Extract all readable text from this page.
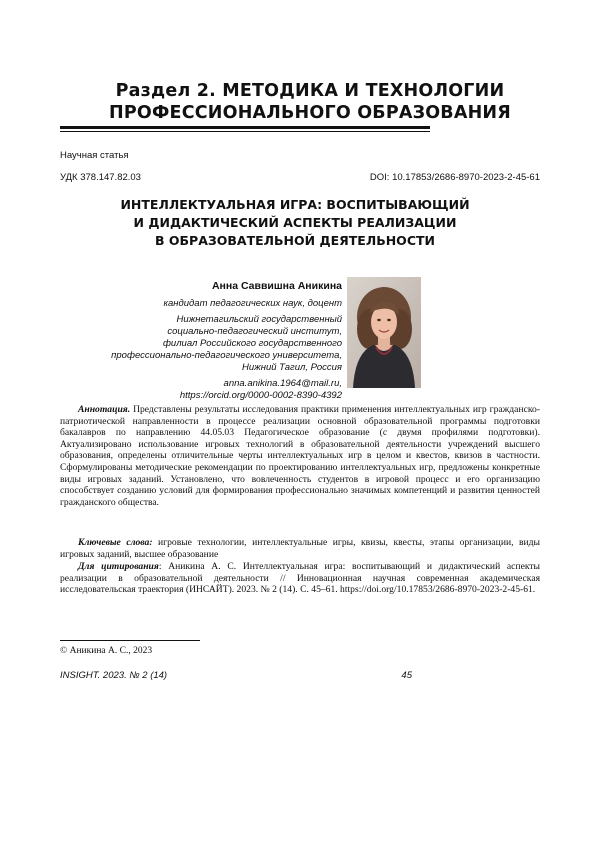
Раздел 2. МЕТОДИКА И ТЕХНОЛОГИИ
ПРОФЕССИОНАЛЬНОГО ОБРАЗОВАНИЯ
Научная статья
УДК 378.147.82.03	DOI: 10.17853/2686-8970-2023-2-45-61
ИНТЕЛЛЕКТУАЛЬНАЯ ИГРА: ВОСПИТЫВАЮЩИЙ
И ДИДАКТИЧЕСКИЙ АСПЕКТЫ РЕАЛИЗАЦИИ
В ОБРАЗОВАТЕЛЬНОЙ ДЕЯТЕЛЬНОСТИ
Анна Саввишна Аникина
кандидат педагогических наук, доцент
Нижнетагильский государственный
социально-педагогический институт,
филиал Российского государственного
профессионально-педагогического университета,
Нижний Тагил, Россия
anna.anikina.1964@mail.ru,
https://orcid.org/0000-0002-8390-4392

Аннотация. Представлены результаты исследования практики применения интеллектуальных игр гражданско-патриотической направленности в процессе реализации основной образовательной программы подготовки бакалавров по направлению 44.05.03 Педагогическое образование (с двумя профилями подготовки). Актуализировано использование игровых технологий в образовательной деятельности учреждений высшего образования, определены отличительные черты интеллектуальных игр в целом и квестов, квизов в частности. Сформулированы методические рекомендации по проектированию интеллектуальных игр, предложены конкретные виды игровых заданий. Установлено, что вовлеченность студентов в игровой процесс и его организацию способствует созданию условий для формирования профессионально значимых компетенций и развития ценностей гражданского общества.

Ключевые слова: игровые технологии, интеллектуальные игры, квизы, квесты, этапы организации, виды игровых заданий, высшее образование

Для цитирования: Аникина А. С. Интеллектуальная игра: воспитывающий и дидактический аспекты реализации в образовательной деятельности // Инновационная научная современная академическая исследовательская траектория (ИНСАЙТ). 2023. № 2 (14). С. 45–61. https://doi.org/10.17853/2686-8970-2023-2-45-61.

© Аникина А. С., 2023
INSIGHT. 2023. № 2 (14)	45
